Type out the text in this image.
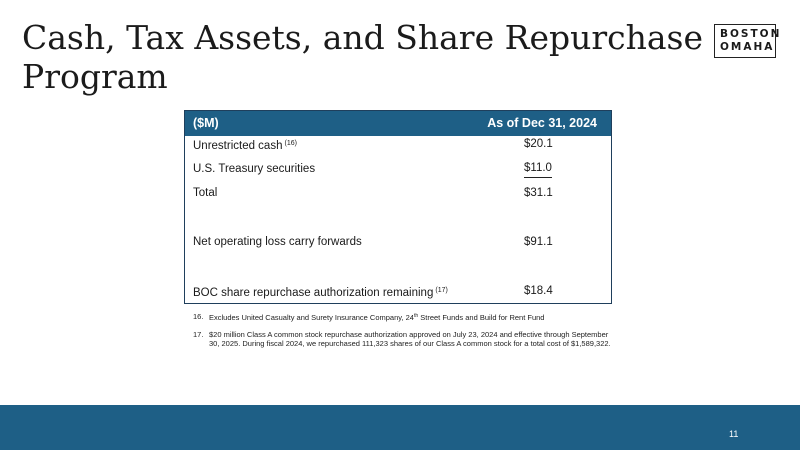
Cash, Tax Assets, and Share Repurchase Program
BOSTON
OMAHA
($M)	As of Dec 31, 2024
Unrestricted cash $^{(16)}$	$20.1
U.S. Treasury securities	$11.0
Total	$31.1
Net operating loss carry forwards	$91.1
BOC share repurchase authorization remaining $^{(17)}$	$18.4
16. Excludes United Casualty and Surety Insurance Company, 24th Street Funds and Build for Rent Fund
17. $20 million Class A common stock repurchase authorization approved on July 23, 2024 and effective through September 30, 2025. During fiscal 2024, we repurchased 111,323 shares of our Class A common stock for a total cost of $1,589,322.
11
